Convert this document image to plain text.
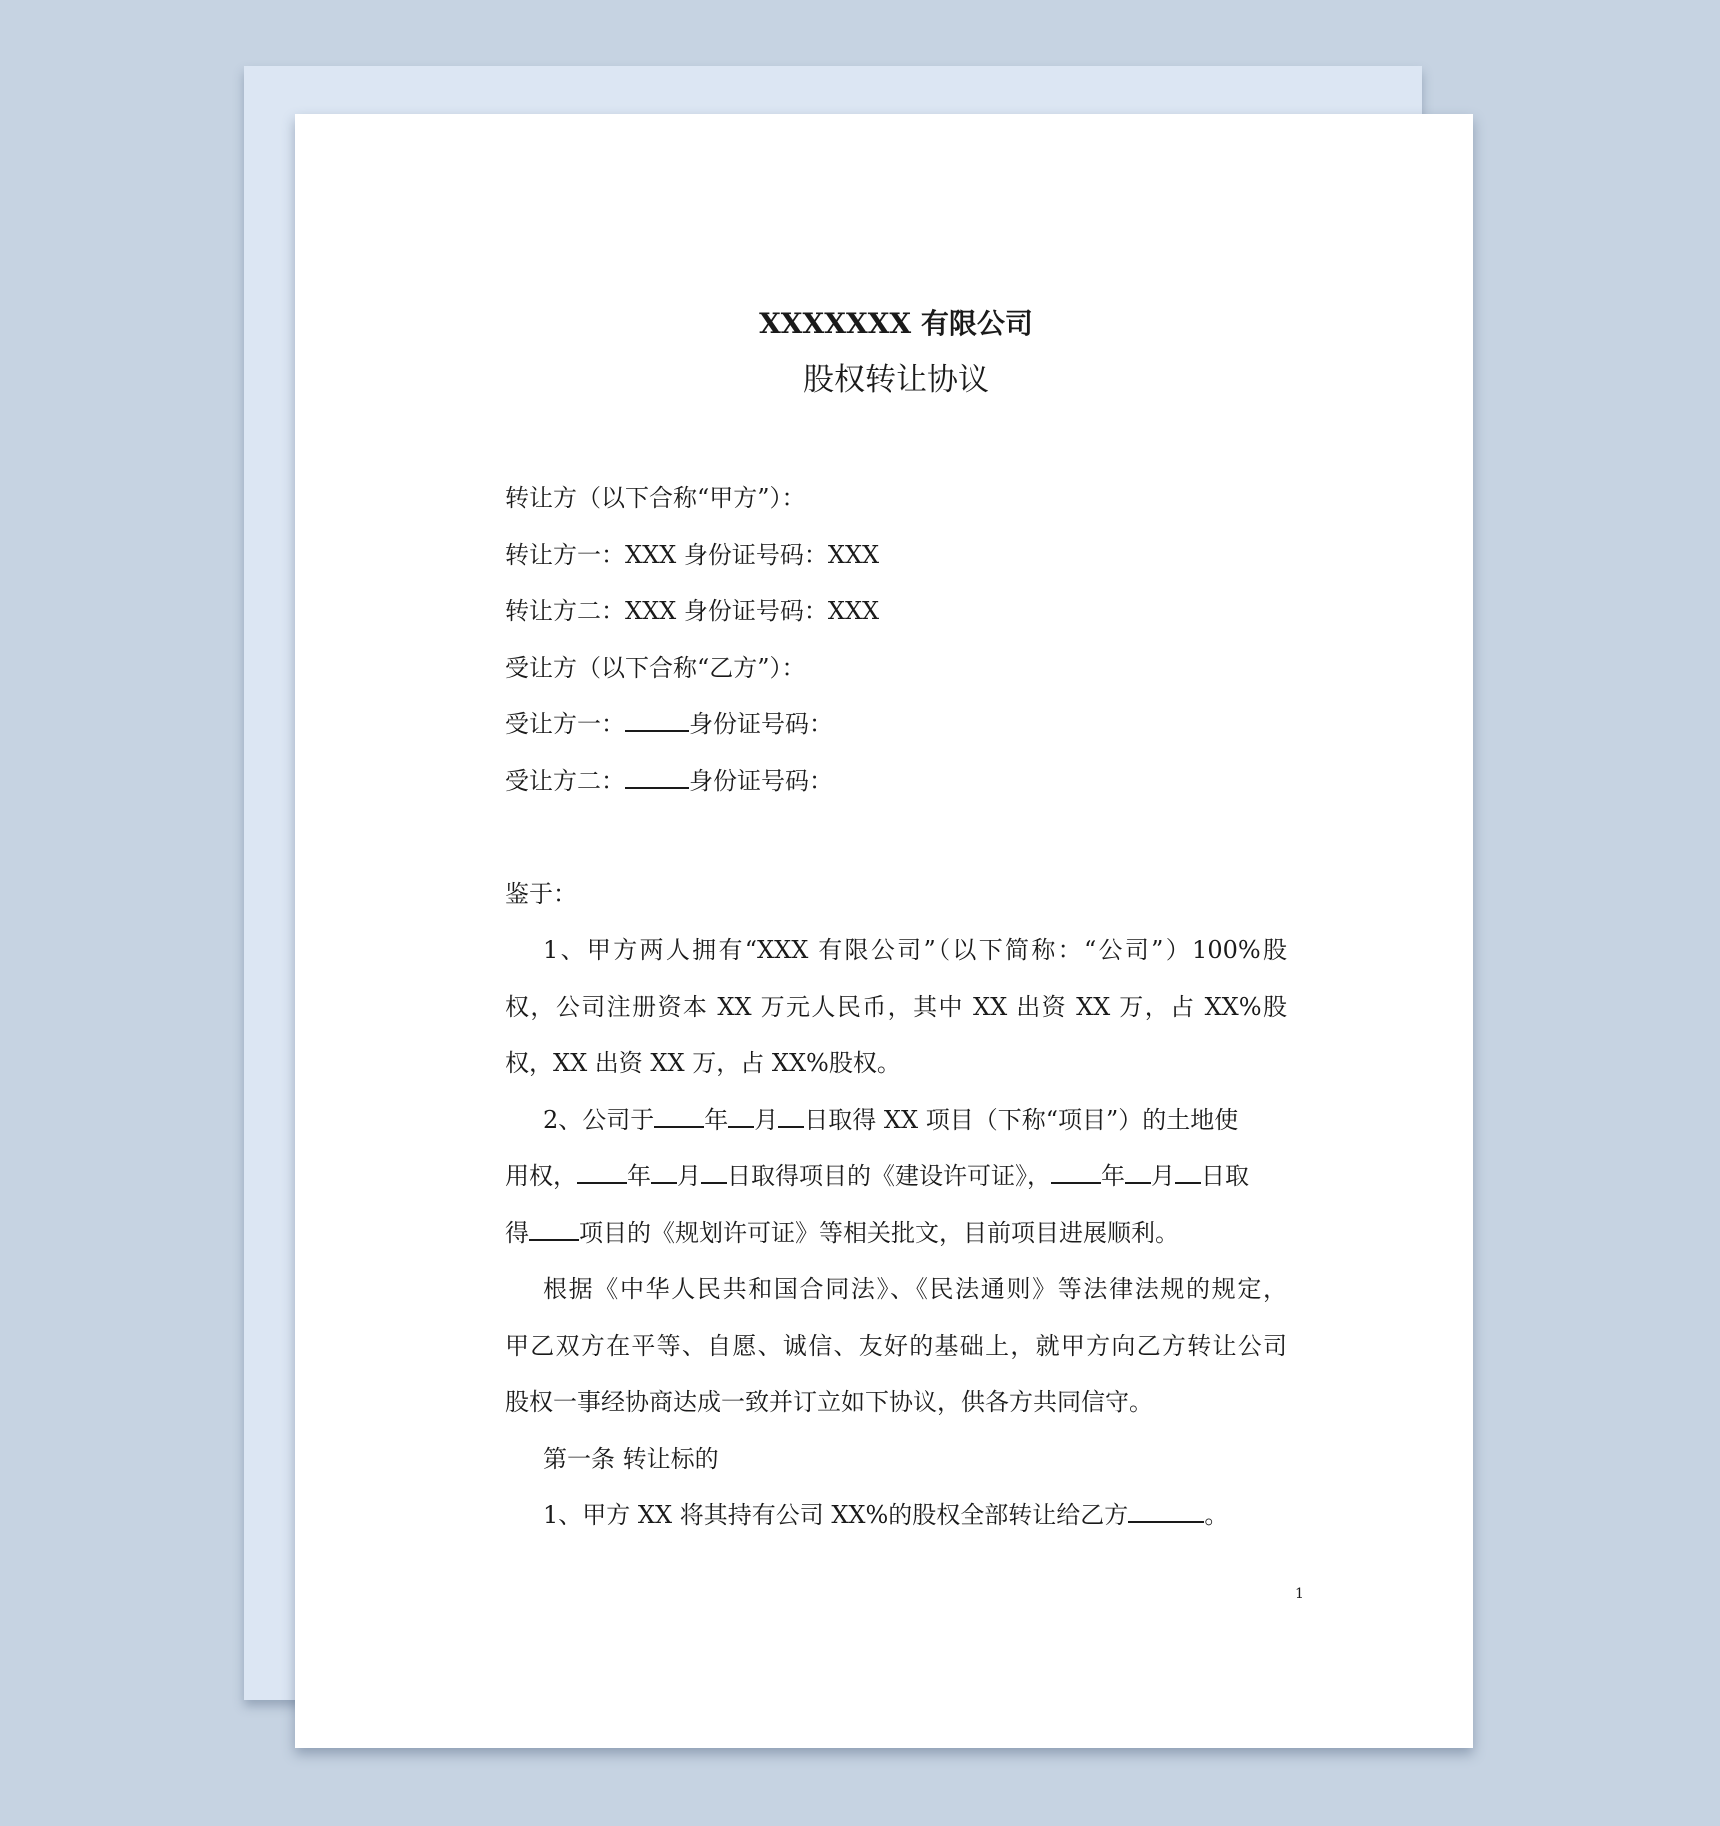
XXXXXXX 有限公司
股权转让协议
转让方（以下合称“甲方”）：
转让方一：XXX 身份证号码：XXX
转让方二：XXX 身份证号码：XXX
受让方（以下合称“乙方”）：
受让方一：	身份证号码：
受让方二：	身份证号码：
鉴于：
1、甲方两人拥有“XXX 有限公司”（以下简称：“公司”）100%股
权，公司注册资本 XX 万元人民币，其中 XX 出资 XX 万，占 XX%股
权，XX 出资 XX 万，占 XX%股权。
2、公司于 年 月 日取得 XX 项目（下称“项目”）的土地使
用权， 年 月 日取得项目的《建设许可证》， 年 月 日取
得 项目的《规划许可证》等相关批文，目前项目进展顺利。
根据《中华人民共和国合同法》、《民法通则》等法律法规的规定，
甲乙双方在平等、自愿、诚信、友好的基础上，就甲方向乙方转让公司
股权一事经协商达成一致并订立如下协议，供各方共同信守。
第一条 转让标的
1、甲方 XX 将其持有公司 XX%的股权全部转让给乙方	。
1
